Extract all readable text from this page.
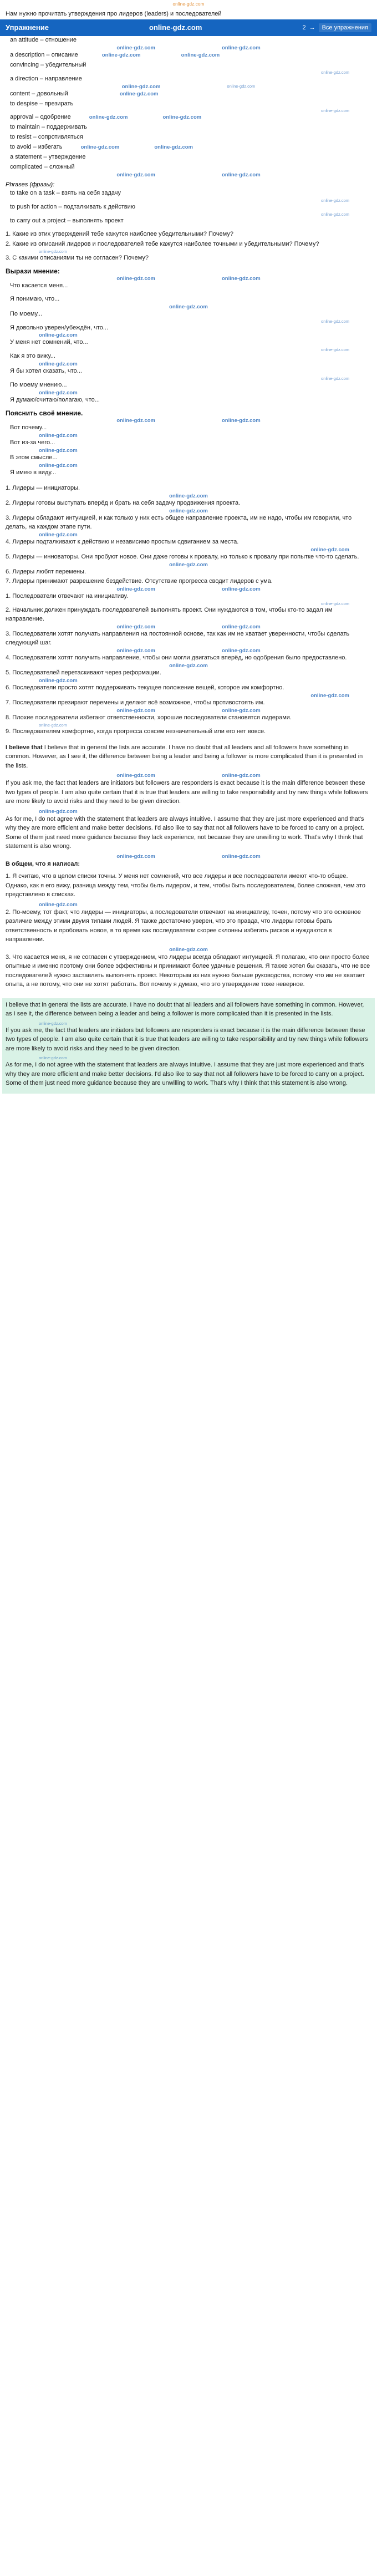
online-gdz.com
Нам нужно прочитать утверждения про лидеров (leaders) и последователей
Упражнение	online-gdz.com	2 →	Все упражнения
an attitude – отношение
online-gdz.com	online-gdz.com
a description – описание	online-gdz.com	online-gdz.com
convincing – убедительный
online-gdz.com
a direction – направление
online-gdz.com	online-gdz.com
content – довольный	online-gdz.com
to despise – презирать
online-gdz.com
approval – одобрение	online-gdz.com	online-gdz.com
to maintain – поддерживать
to resist – сопротивляться
to avoid – избегать	online-gdz.com	online-gdz.com
a statement – утверждение
complicated – сложный
online-gdz.com	online-gdz.com
Phrases (фразы):
to take on a task – взять на себя задачу
online-gdz.com
to push for action – подталкивать к действию
online-gdz.com
to carry out a project – выполнять проект
1. Какие из этих утверждений тебе кажутся наиболее убедительными? Почему?
2. Какие из описаний лидеров и последователей тебе кажутся наиболее точными и убедительными? Почему?
online-gdz.com
3. С какими описаниями ты не согласен? Почему?
Вырази мнение:
online-gdz.com	online-gdz.com
Что касается меня...
Я понимаю, что...
online-gdz.com
По моему...
online-gdz.com
Я довольно уверен/убеждён, что...
online-gdz.com
У меня нет сомнений, что...
online-gdz.com
Как я это вижу...
online-gdz.com
Я бы хотел сказать, что...
online-gdz.com
По моему мнению...
online-gdz.com
Я думаю/считаю/полагаю, что...
Пояснить своё мнение.
online-gdz.com	online-gdz.com
Вот почему...
online-gdz.com
Вот из-за чего...
online-gdz.com
В этом смысле...
online-gdz.com
Я имею в виду...
1. Лидеры — инициаторы.
online-gdz.com
2. Лидеры готовы выступать вперёд и брать на себя задачу продвижения проекта.
online-gdz.com
3. Лидеры обладают интуицией, и как только у них есть общее направление проекта, им не надо, чтобы им говорили, что делать, на каждом этапе пути.
online-gdz.com
4. Лидеры подталкивают к действию и независимо простым сдвиганием за места.
online-gdz.com
5. Лидеры — инноваторы. Они пробуют новое. Они даже готовы к провалу, но только к провалу при попытке что-то сделать.
online-gdz.com
6. Лидеры любят перемены.
7. Лидеры принимают разрешение бездействие. Отсутствие прогресса сводит лидеров с ума.
online-gdz.com	online-gdz.com
1. Последователи отвечают на инициативу.
online-gdz.com
2. Начальник должен принуждать последователей выполнять проект. Они нуждаются в том, чтобы кто-то задал им направление.
online-gdz.com	online-gdz.com
3. Последователи хотят получать направления на постоянной основе, так как им не хватает уверенности, чтобы сделать следующий шаг.
online-gdz.com	online-gdz.com
4. Последователи хотят получить направление, чтобы они могли двигаться вперёд, но одобрения было предоставлено.
online-gdz.com
5. Последователей перетаскивают через реформации.
online-gdz.com
6. Последователи просто хотят поддерживать текущее положение вещей, которое им комфортно.
online-gdz.com
7. Последователи презирают перемены и делают всё возможное, чтобы противостоять им.
online-gdz.com	online-gdz.com
8. Плохие последователи избегают ответственности, хорошие последователи становятся лидерами.
online-gdz.com
9. Последователям комфортно, когда прогресса совсем незначительный или его нет вовсе.
I believe that I believe that in general the lists are accurate. I have no doubt that all leaders and all followers have something in common. However, as I see it, the difference between being a leader and being a follower is more complicated than it is presented in the lists.
online-gdz.com	online-gdz.com
If you ask me, the fact that leaders are initiators but followers are responders is exact because it is the main difference between these two types of people. I am also quite certain that it is true that leaders are willing to take responsibility and try new things while followers are more likely to avoid risks and they need to be given direction.
online-gdz.com
As for me, I do not agree with the statement that leaders are always intuitive. I assume that they are just more experienced and that's why they are more efficient and make better decisions. I'd also like to say that not all followers have to be forced to carry on a project. Some of them just need more guidance because they lack experience, not because they are unwilling to work. That's why I think that statement is also wrong.
online-gdz.com	online-gdz.com
В общем, что я написал:
1. Я считаю, что в целом списки точны. У меня нет сомнений, что все лидеры и все последователи имеют что-то общее. Однако, как я его вижу, разница между тем, чтобы быть лидером, и тем, чтобы быть последователем, более сложная, чем это представлено в списках.
online-gdz.com
2. По-моему, тот факт, что лидеры — инициаторы, а последователи отвечают на инициативу, точен, потому что это основное различие между этими двумя типами людей. Я также достаточно уверен, что это правда, что лидеры готовы брать ответственность и пробовать новое, в то время как последователи скорее склонны избегать рисков и нуждаются в направлении.
online-gdz.com
3. Что касается меня, я не согласен с утверждением, что лидеры всегда обладают интуицией. Я полагаю, что они просто более опытные и именно поэтому они более эффективны и принимают более удачные решения. Я также хотел бы сказать, что не все последователей нужно заставлять выполнять проект. Некоторым из них нужно больше руководства, потому что им не хватает опыта, а не потому, что они не хотят работать. Вот почему я думаю, что это утверждение тоже неверное.
I believe that in general the lists are accurate. I have no doubt that all leaders and all followers have something in common. However, as I see it, the difference between being a leader and being a follower is more complicated than it is presented in the lists.
online-gdz.com
If you ask me, the fact that leaders are initiators but followers are responders is exact because it is the main difference between these two types of people. I am also quite certain that it is true that leaders are willing to take responsibility and try new things while followers are more likely to avoid risks and they need to be given direction.
online-gdz.com
As for me, I do not agree with the statement that leaders are always intuitive. I assume that they are just more experienced and that's why they are more efficient and make better decisions. I'd also like to say that not all followers have to be forced to carry on a project. Some of them just need more guidance because they are unwilling to work. That's why I think that this statement is also wrong.
